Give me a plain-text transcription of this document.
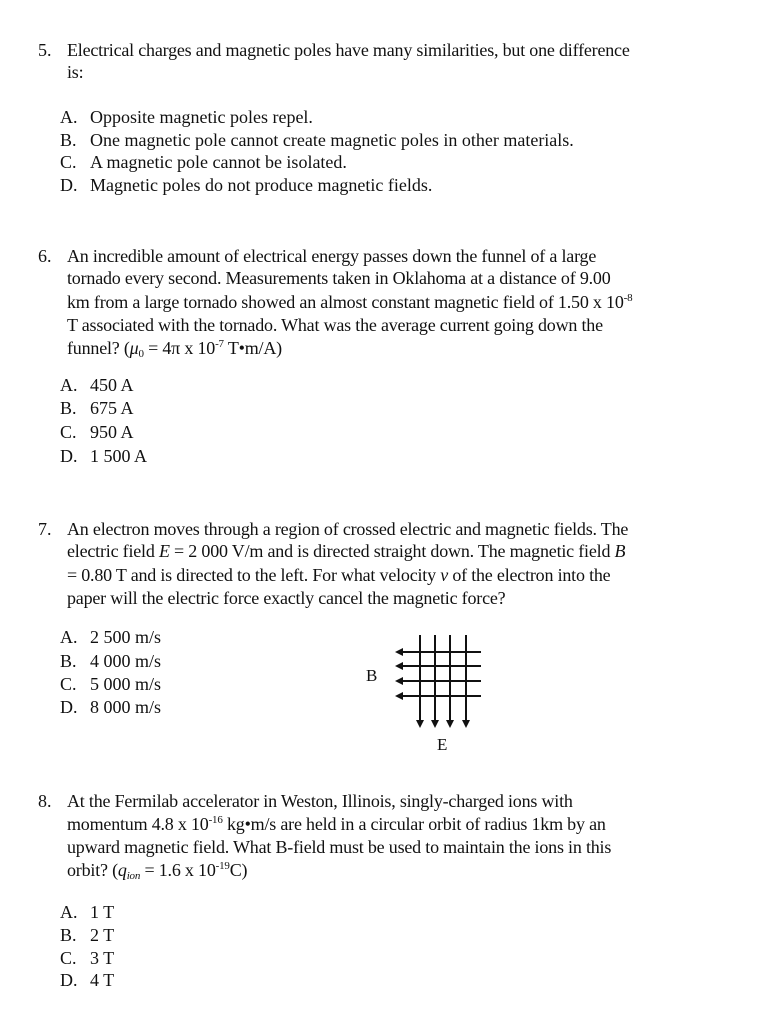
5. Electrical charges and magnetic poles have many similarities, but one difference
is:
A. Opposite magnetic poles repel.
B. One magnetic pole cannot create magnetic poles in other materials.
C. A magnetic pole cannot be isolated.
D. Magnetic poles do not produce magnetic fields.
6. An incredible amount of electrical energy passes down the funnel of a large
tornado every second. Measurements taken in Oklahoma at a distance of 9.00
km from a large tornado showed an almost constant magnetic field of 1.50 x $10^{-8}$
T associated with the tornado. What was the average current going down the
funnel? ($\mu_0 = 4\pi$ x $10^{-7}$ T•m/A)
A. 450 A
B. 675 A
C. 950 A
D. 1 500 A
7. An electron moves through a region of crossed electric and magnetic fields. The
electric field E = 2 000 V/m and is directed straight down. The magnetic field B
= 0.80 T and is directed to the left. For what velocity v of the electron into the
paper will the electric force exactly cancel the magnetic force?
A. 2 500 m/s
B. 4 000 m/s
C. 5 000 m/s
D. 8 000 m/s
B
E
8. At the Fermilab accelerator in Weston, Illinois, singly-charged ions with
momentum 4.8 x $10^{-16}$ kg•m/s are held in a circular orbit of radius 1km by an
upward magnetic field. What B-field must be used to maintain the ions in this
orbit? ($q_{ion} = 1.6$ x $10^{-19}C$)
A. 1 T
B. 2 T
C. 3 T
D. 4 T
